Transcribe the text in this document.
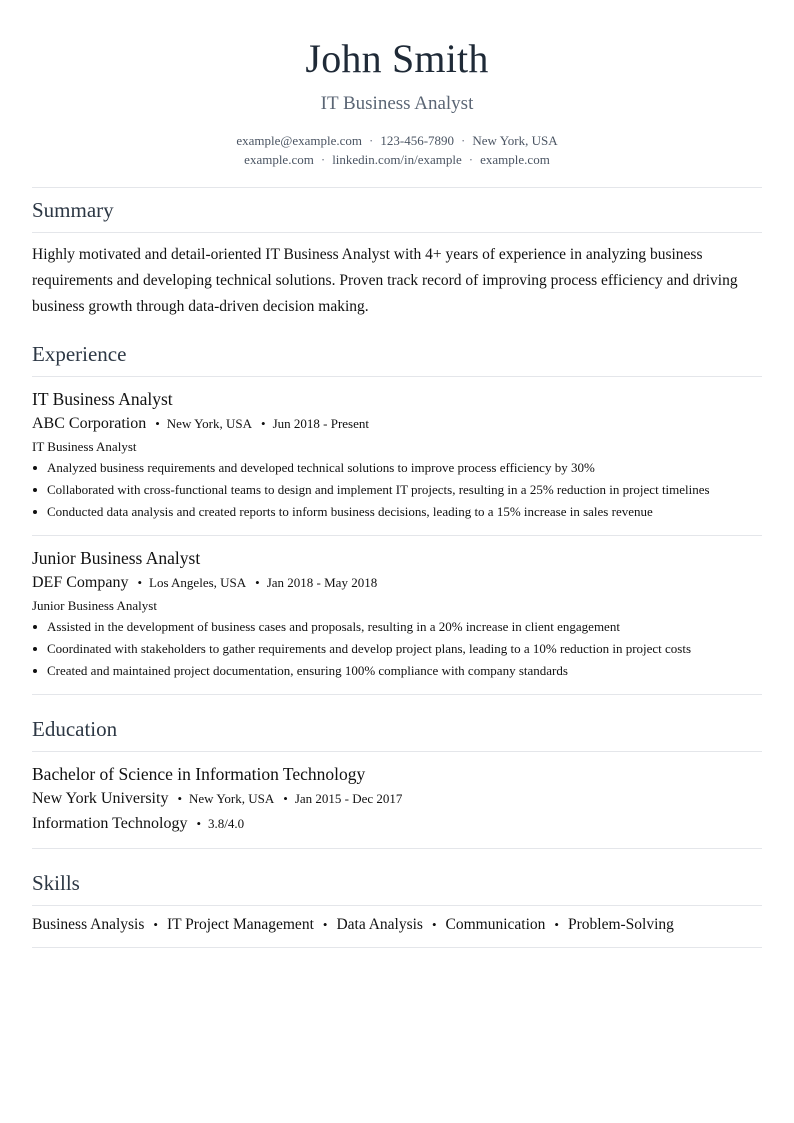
John Smith
IT Business Analyst
example@example.com · 123-456-7890 · New York, USA
example.com · linkedin.com/in/example · example.com
Summary

Highly motivated and detail-oriented IT Business Analyst with 4+ years of experience in analyzing business requirements and developing technical solutions. Proven track record of improving process efficiency and driving business growth through data-driven decision making.

Experience
IT Business Analyst
ABC Corporation • New York, USA • Jun 2018 - Present
IT Business Analyst
Analyzed business requirements and developed technical solutions to improve process efficiency by 30%
Collaborated with cross-functional teams to design and implement IT projects, resulting in a 25% reduction in project timelines
Conducted data analysis and created reports to inform business decisions, leading to a 15% increase in sales revenue
Junior Business Analyst
DEF Company • Los Angeles, USA • Jan 2018 - May 2018
Junior Business Analyst
Assisted in the development of business cases and proposals, resulting in a 20% increase in client engagement
Coordinated with stakeholders to gather requirements and develop project plans, leading to a 10% reduction in project costs
Created and maintained project documentation, ensuring 100% compliance with company standards
Education
Bachelor of Science in Information Technology
New York University • New York, USA • Jan 2015 - Dec 2017
Information Technology • 3.8/4.0
Skills
Business Analysis • IT Project Management • Data Analysis • Communication • Problem-Solving
